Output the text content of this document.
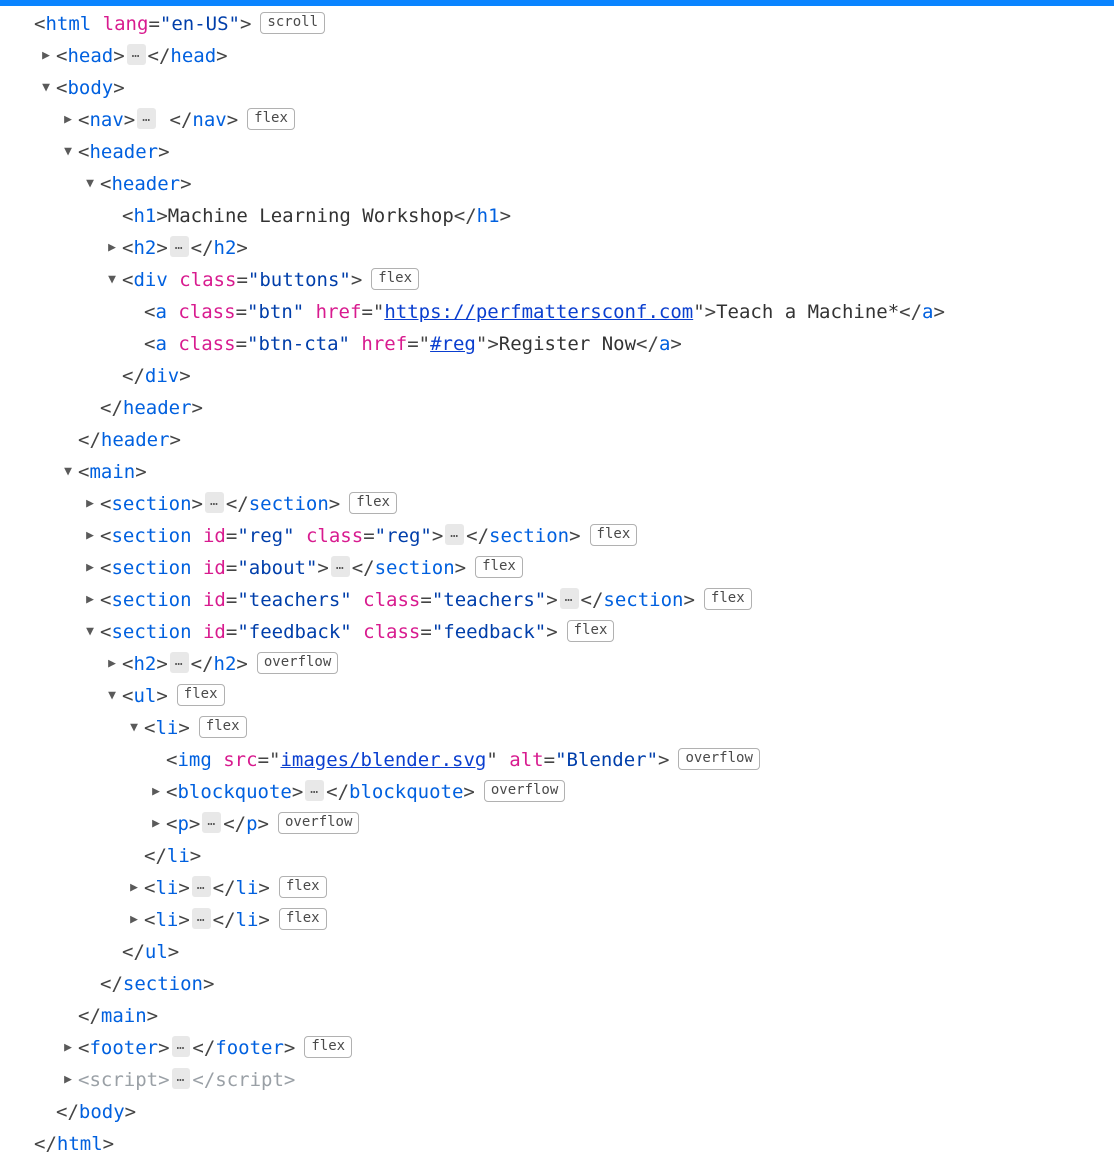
<html lang="en-US">	scroll
▶
<head> … </head>
▼
<body>
▶
<nav> … </nav>	flex
▼
<header>
▼
<header>
<h1>Machine Learning Workshop</h1>
▶
<h2> … </h2>
▼
<div class="buttons">	flex
<a class="btn" href="https://perfmattersconf.com">Teach a Machine*</a>
<a class="btn-cta" href="#reg">Register Now</a>
</div>
</header>
</header>
▼
<main>
▶
<section> … </section>	flex
▶
<section id="reg" class="reg"> … </section>	flex
▶
<section id="about"> … </section>	flex
▶
<section id="teachers" class="teachers"> … </section>	flex
▼
<section id="feedback" class="feedback">	flex
▶
<h2> … </h2>	overflow
▼
<ul>	flex
▼
<li>	flex
<img src="images/blender.svg" alt="Blender">	overflow
▶
<blockquote> … </blockquote>	overflow
▶
<p> … </p>	overflow
</li>
▶
<li> … </li>	flex
▶
<li> … </li>	flex
</ul>
</section>
</main>
▶
<footer> … </footer>	flex
▶
<script> … </script>
</body>
</html>
